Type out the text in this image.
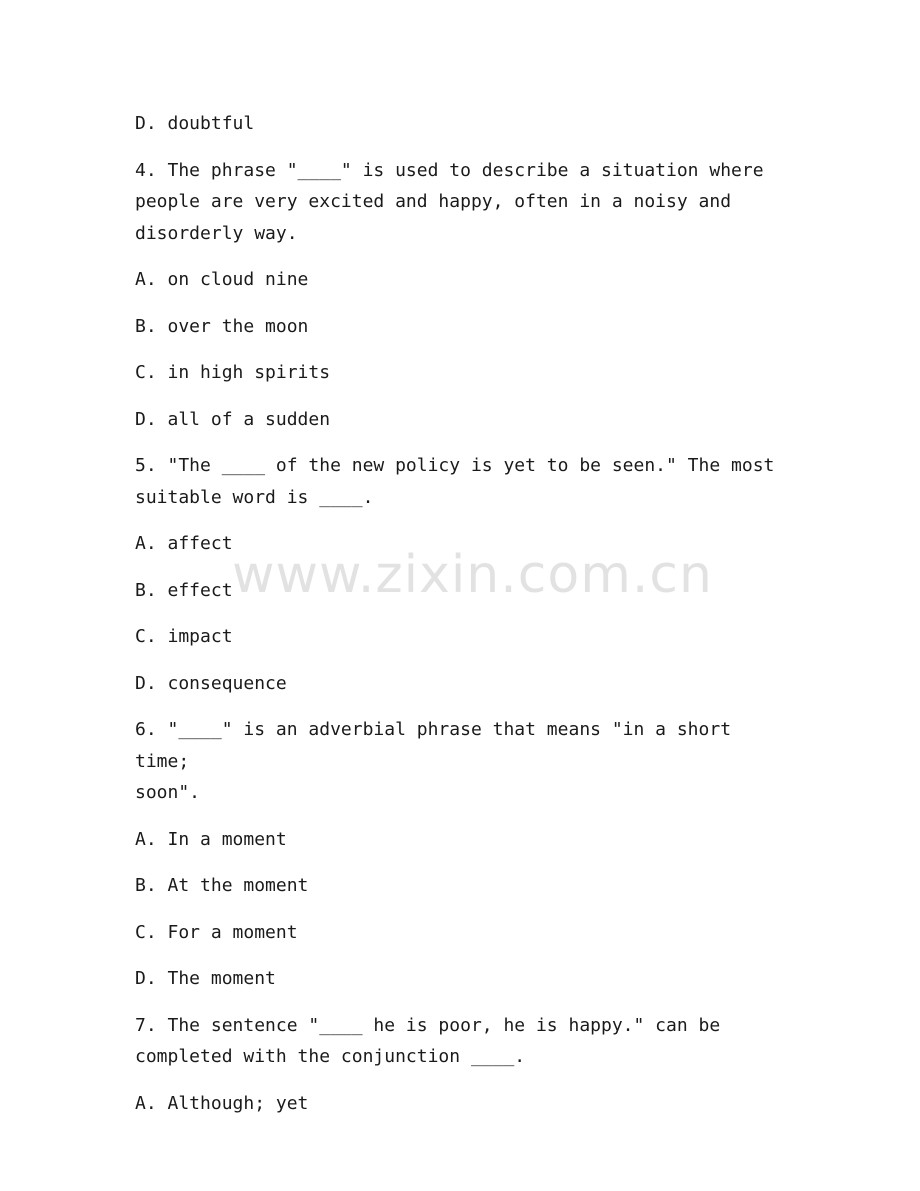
D. doubtful

4. The phrase "____" is used to describe a situation where

people are very excited and happy, often in a noisy and

disorderly way.

A. on cloud nine

B. over the moon

C. in high spirits

D. all of a sudden

5. "The ____ of the new policy is yet to be seen." The most

suitable word is ____.

A. affect

B. effect

C. impact

D. consequence

6. "____" is an adverbial phrase that means "in a short time;

soon".

A. In a moment

B. At the moment

C. For a moment

D. The moment

7. The sentence "____ he is poor, he is happy." can be

completed with the conjunction ____.

A. Although; yet

www.zixin.com.cn
